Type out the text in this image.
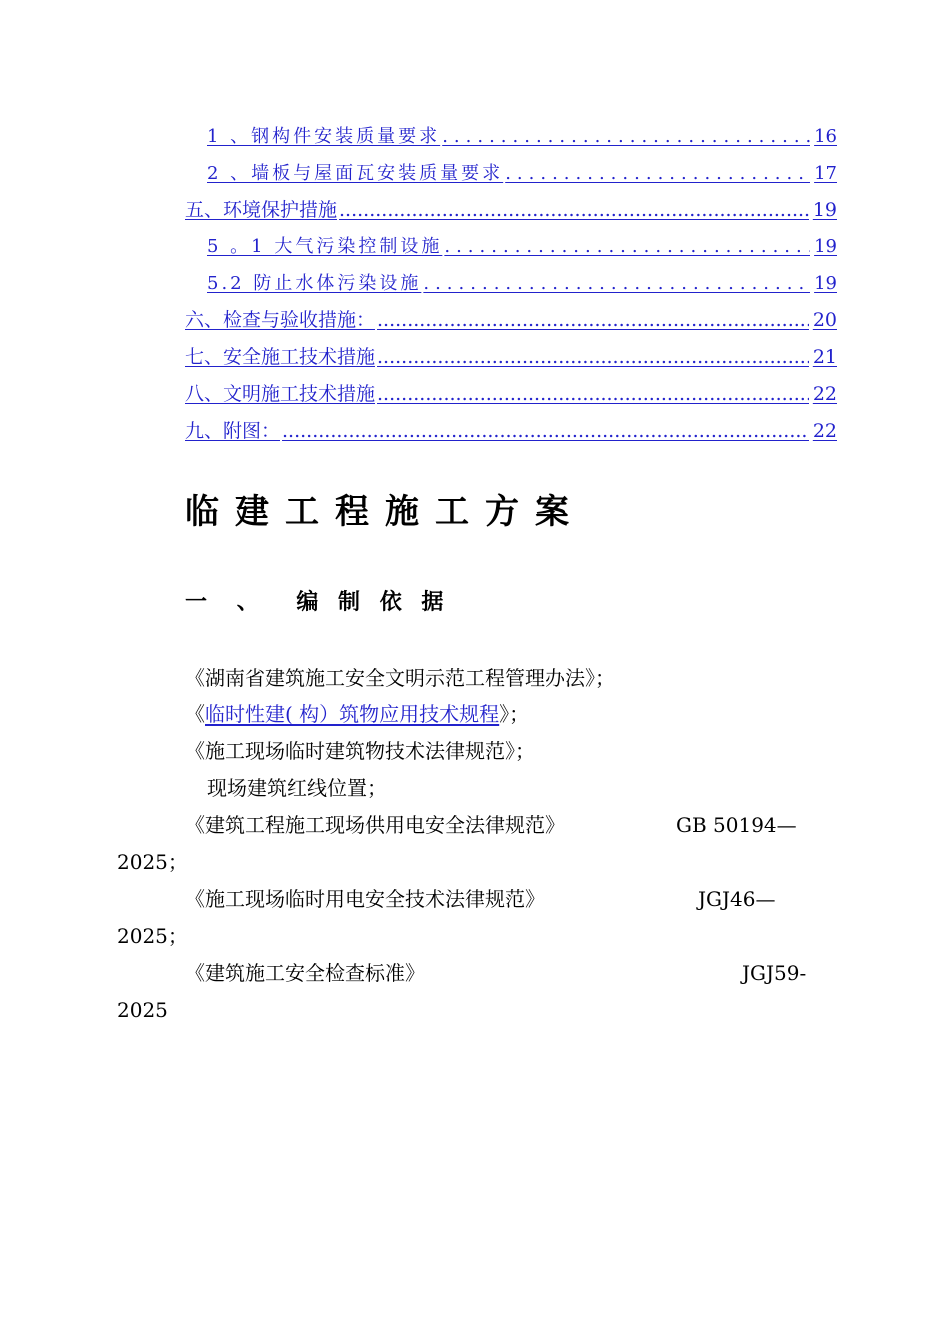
1 、钢构件安装质量要求 .....	16
2 、墙板与屋面瓦安装质量要求 .....	17
五、环境保护措施 .....	19
5 。1 大气污染控制设施 .....	19
5.2 防止水体污染设施 .....	19
六、检查与验收措施： .....	20
七、安全施工技术措施 .....	21
八、文明施工技术措施 .....	22
九、附图： .....	22
临建工程施工方案
一 、 编 制 依 据
《湖南省建筑施工安全文明示范工程管理办法》；
《临时性建( 构）筑物应用技术规程》；
《施工现场临时建筑物技术法律规范》；
现场建筑红线位置；
《建筑工程施工现场供用电安全法律规范》	GB 50194—
2025；
《施工现场临时用电安全技术法律规范》	JGJ46—
2025；
《建筑施工安全检查标准》	JGJ59-
2025
